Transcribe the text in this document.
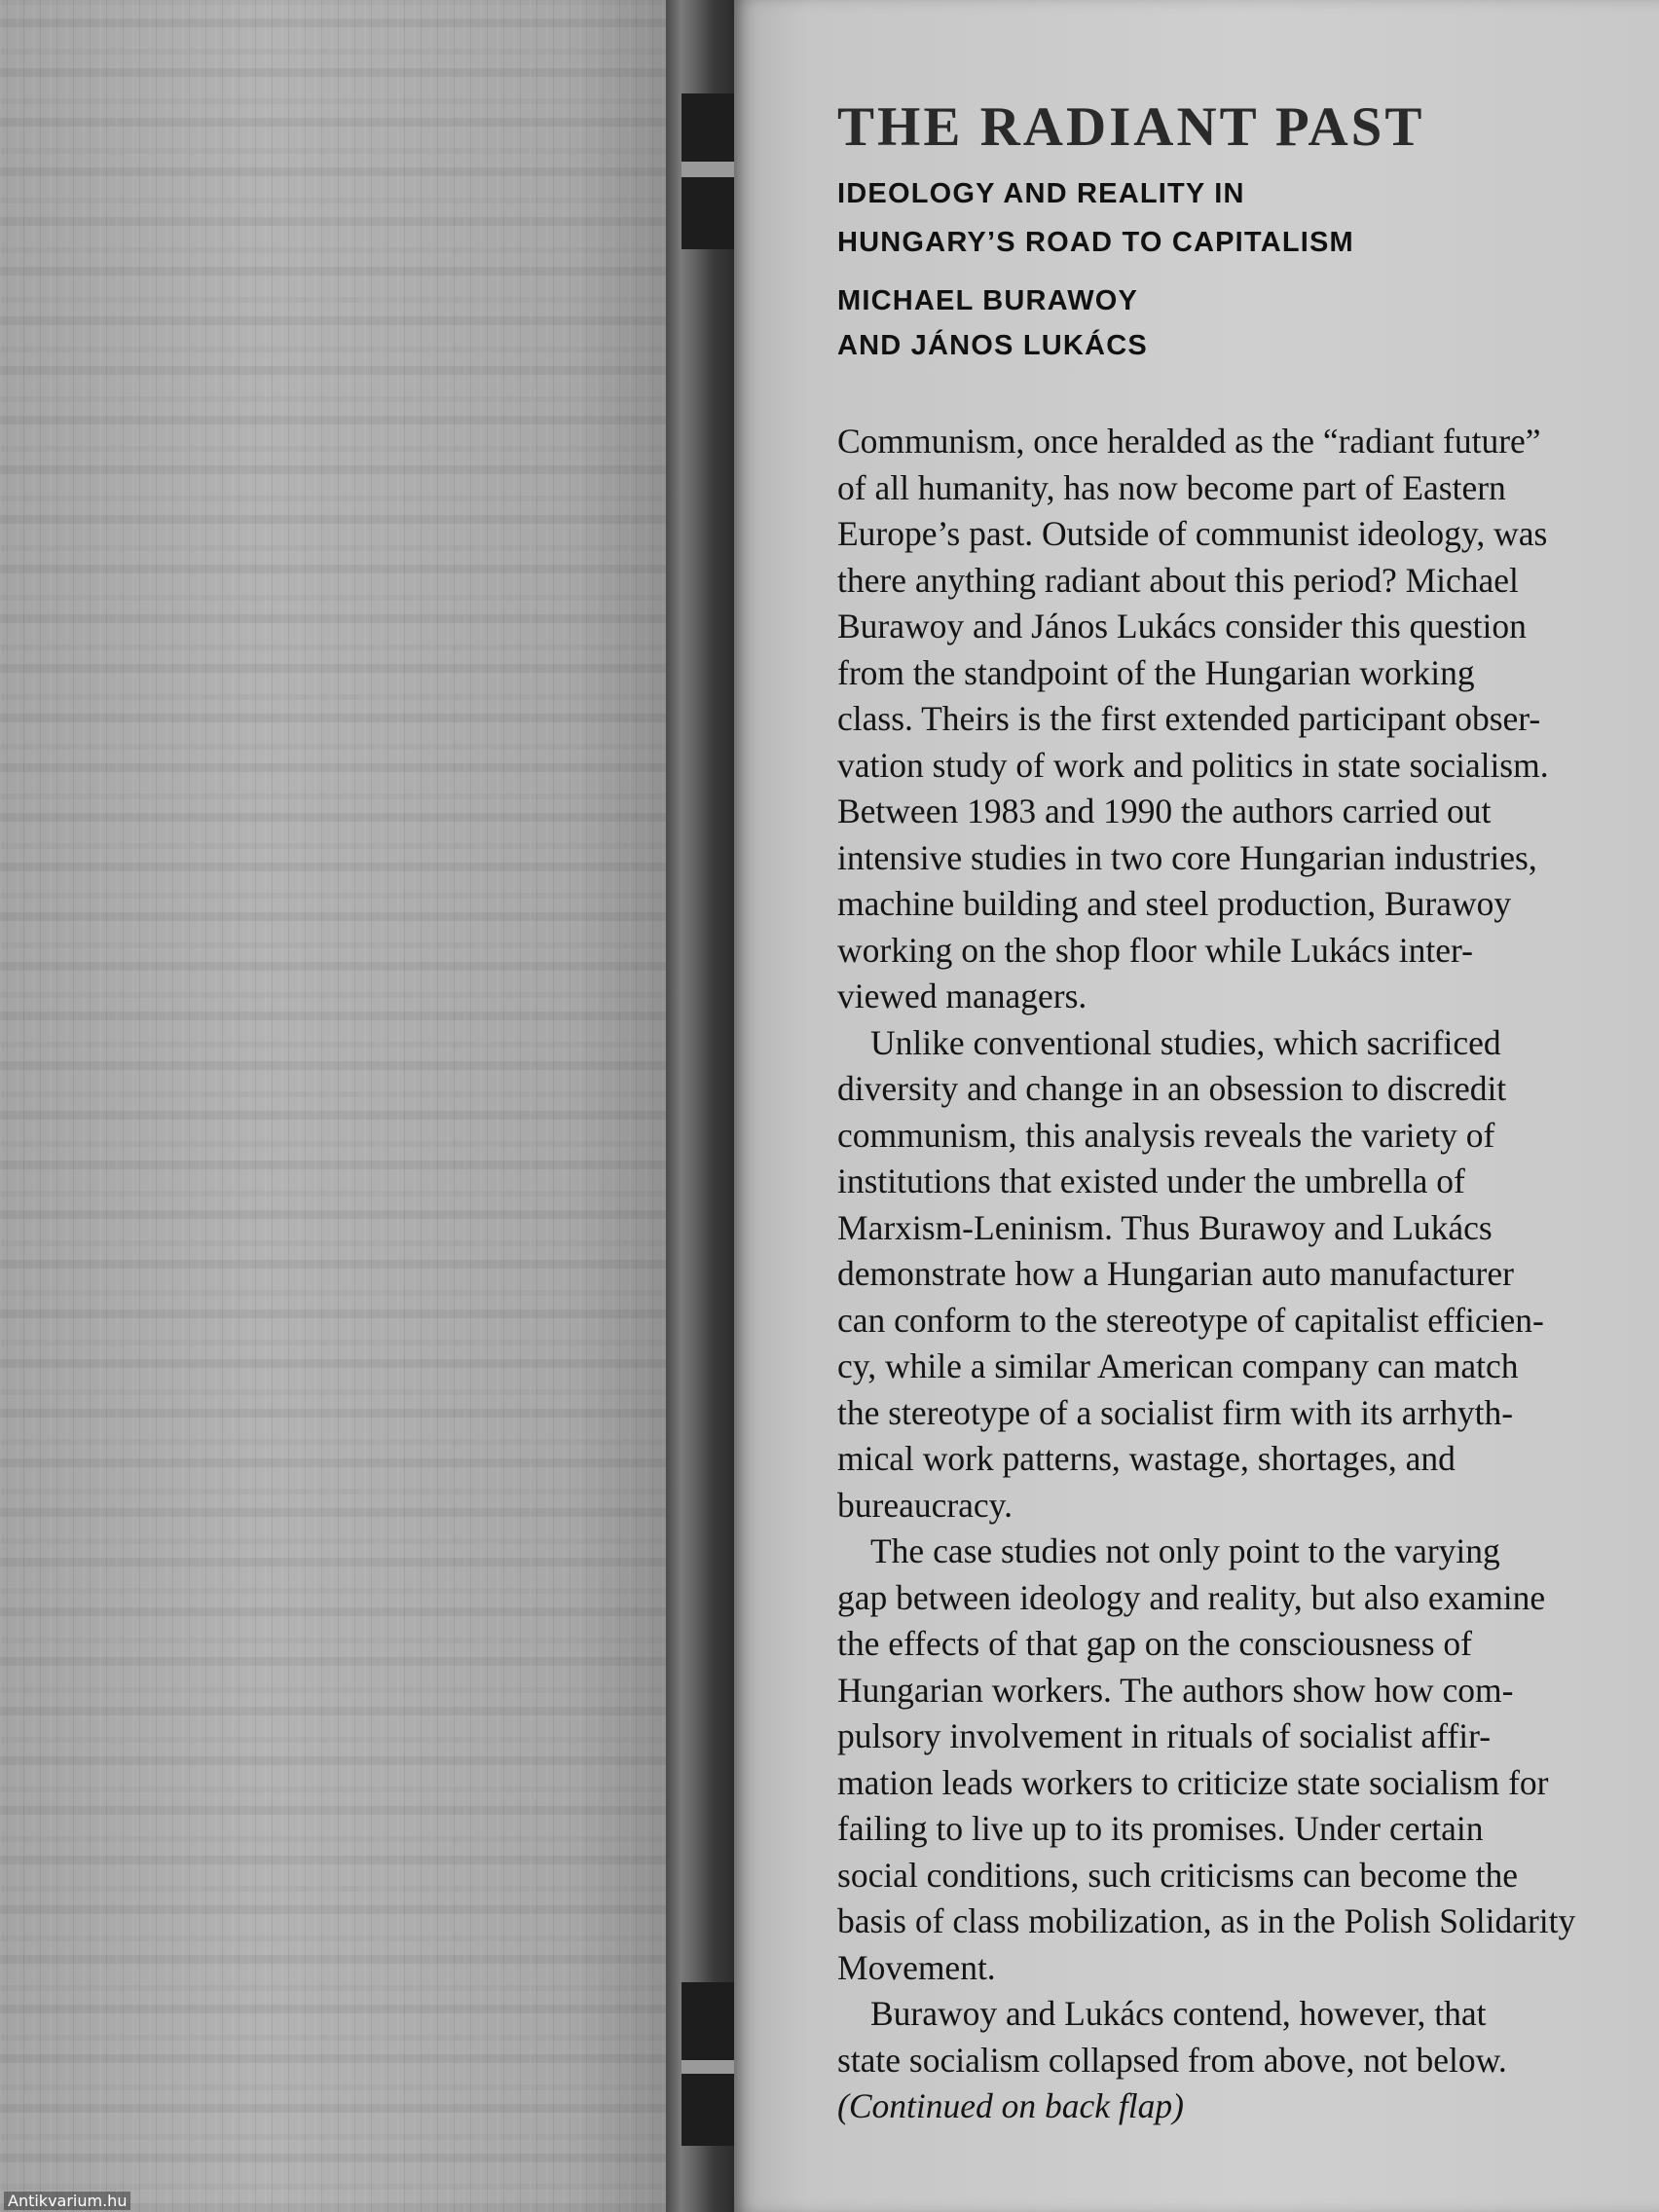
THE RADIANT PAST
IDEOLOGY AND REALITY IN
HUNGARY’S ROAD TO CAPITALISM
MICHAEL BURAWOY
AND JÁNOS LUKÁCS
Communism, once heralded as the “radiant future”
of all humanity, has now become part of Eastern
Europe’s past. Outside of communist ideology, was
there anything radiant about this period? Michael
Burawoy and János Lukács consider this question
from the standpoint of the Hungarian working
class. Theirs is the first extended participant obser-
vation study of work and politics in state socialism.
Between 1983 and 1990 the authors carried out
intensive studies in two core Hungarian industries,
machine building and steel production, Burawoy
working on the shop floor while Lukács inter-
viewed managers.
Unlike conventional studies, which sacrificed
diversity and change in an obsession to discredit
communism, this analysis reveals the variety of
institutions that existed under the umbrella of
Marxism-Leninism. Thus Burawoy and Lukács
demonstrate how a Hungarian auto manufacturer
can conform to the stereotype of capitalist efficien-
cy, while a similar American company can match
the stereotype of a socialist firm with its arrhyth-
mical work patterns, wastage, shortages, and
bureaucracy.
The case studies not only point to the varying
gap between ideology and reality, but also examine
the effects of that gap on the consciousness of
Hungarian workers. The authors show how com-
pulsory involvement in rituals of socialist affir-
mation leads workers to criticize state socialism for
failing to live up to its promises. Under certain
social conditions, such criticisms can become the
basis of class mobilization, as in the Polish Solidarity
Movement.
Burawoy and Lukács contend, however, that
state socialism collapsed from above, not below.
(Continued on back flap)
Antikvarium.hu
